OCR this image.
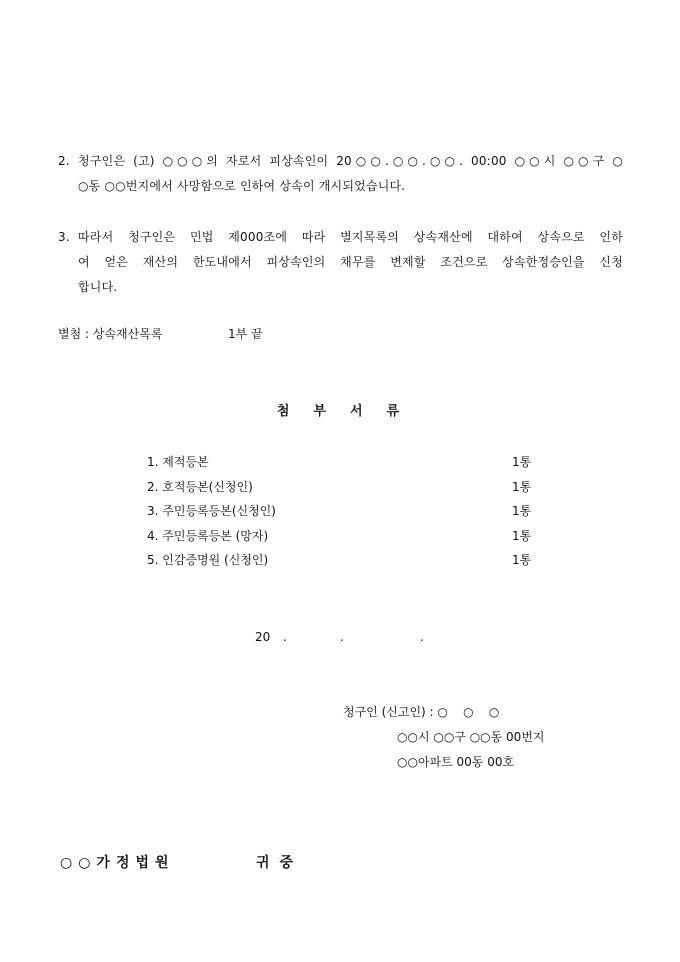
2. 청구인은 (고) ○○○의 자로서 피상속인이 20○○.○○.○○. 00:00 ○○시 ○○구 ○
○동 ○○번지에서 사망함으로 인하여 상속이 개시되었습니다.
3. 따라서 청구인은 민법 제000조에 따라 별지목록의 상속재산에 대하여 상속으로 인하
여 얻은 재산의 한도내에서 피상속인의 채무를 변제할 조건으로 상속한정승인을 신청
합니다.
별첨 : 상속재산목록	1부 끝
첨부서류
1. 제적등본	1통
2. 호적등본(신청인)	1통
3. 주민등록등본(신청인)	1통
4. 주민등록등본 (망자)	1통
5. 인감증명원 (신청인)	1통
20 .	.	.
청구인 (신고인) : ○    ○    ○
○○시 ○○구 ○○동 00번지
○○아파트 00동 00호
○○가정법원	귀중
